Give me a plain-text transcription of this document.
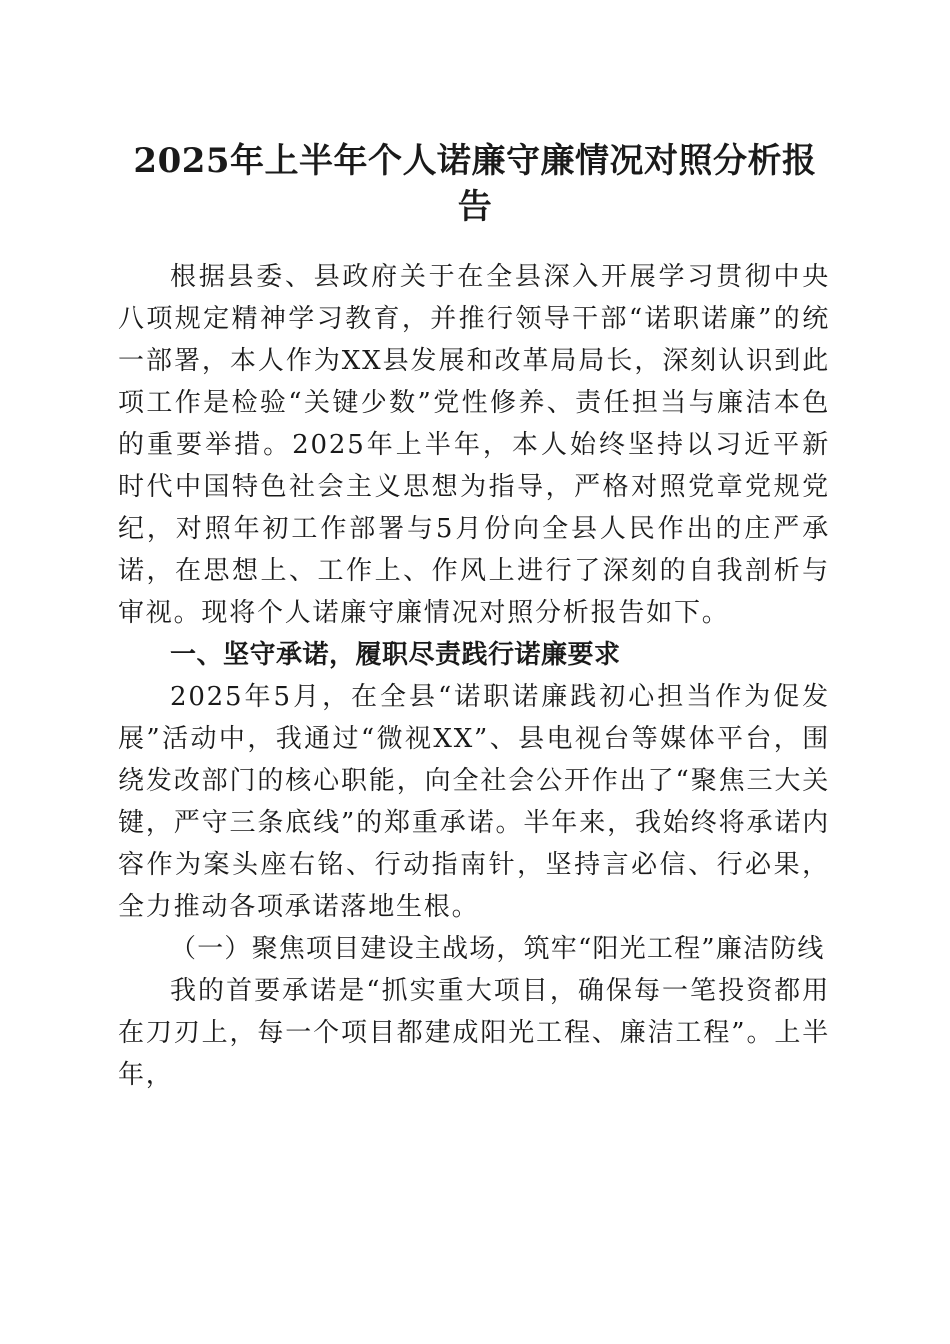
2025年上半年个人诺廉守廉情况对照分析报告

根据县委、县政府关于在全县深入开展学习贯彻中央八项规定精神学习教育，并推行领导干部“诺职诺廉”的统一部署，本人作为XX县发展和改革局局长，深刻认识到此项工作是检验“关键少数”党性修养、责任担当与廉洁本色的重要举措。2025年上半年，本人始终坚持以习近平新时代中国特色社会主义思想为指导，严格对照党章党规党纪，对照年初工作部署与5月份向全县人民作出的庄严承诺，在思想上、工作上、作风上进行了深刻的自我剖析与审视。现将个人诺廉守廉情况对照分析报告如下。

一、坚守承诺，履职尽责践行诺廉要求

2025年5月，在全县“诺职诺廉践初心担当作为促发展”活动中，我通过“微视XX”、县电视台等媒体平台，围绕发改部门的核心职能，向全社会公开作出了“聚焦三大关键，严守三条底线”的郑重承诺。半年来，我始终将承诺内容作为案头座右铭、行动指南针，坚持言必信、行必果，全力推动各项承诺落地生根。

（一）聚焦项目建设主战场，筑牢“阳光工程”廉洁防线

我的首要承诺是“抓实重大项目，确保每一笔投资都用在刀刃上，每一个项目都建成阳光工程、廉洁工程”。上半年，
